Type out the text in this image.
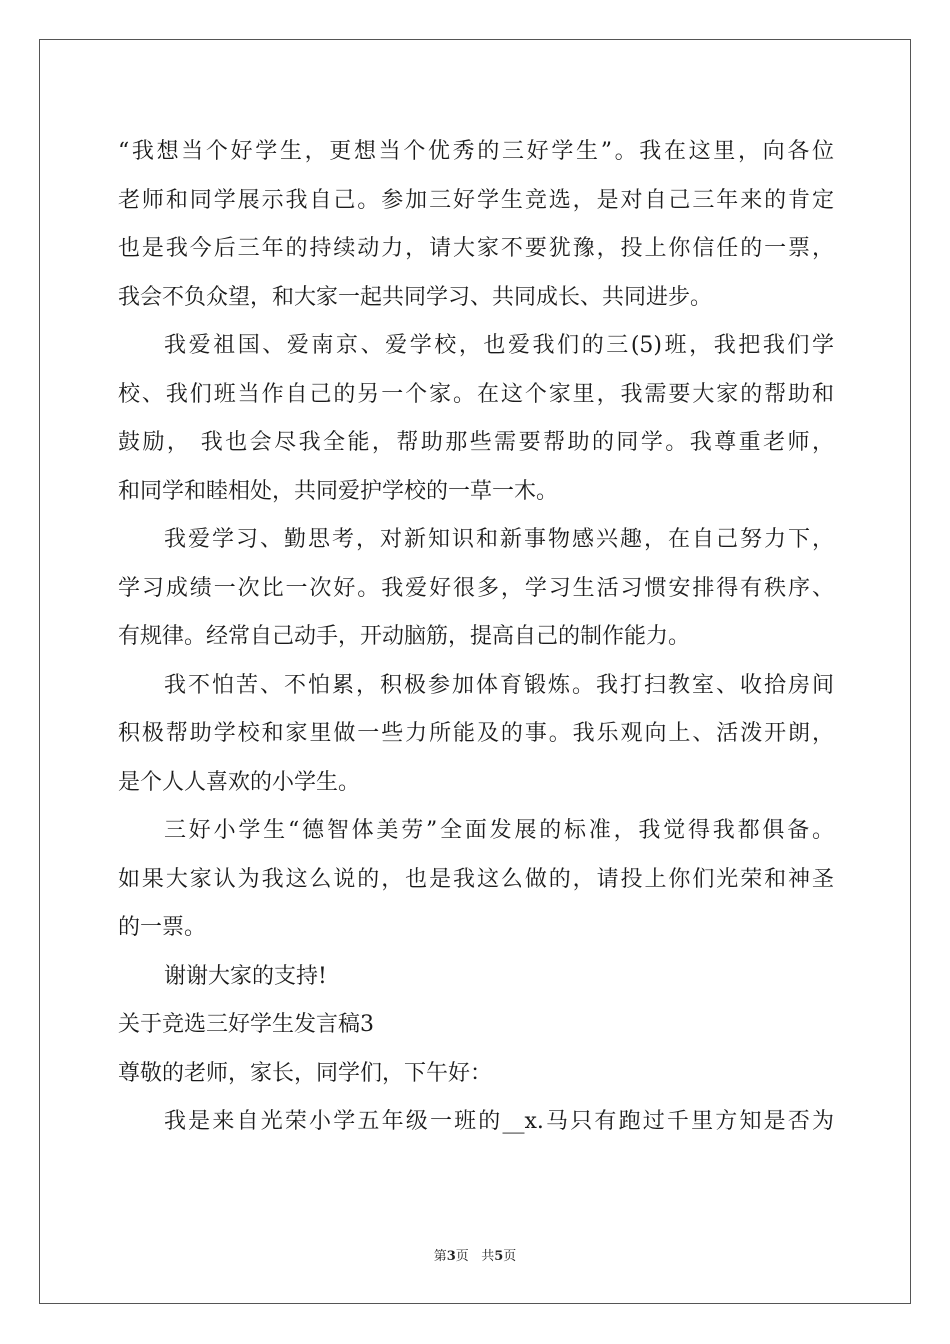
“我想当个好学生，更想当个优秀的三好学生”。我在这里，向各位
老师和同学展示我自己。参加三好学生竞选，是对自己三年来的肯定
也是我今后三年的持续动力，请大家不要犹豫，投上你信任的一票，
我会不负众望，和大家一起共同学习、共同成长、共同进步。
我爱祖国、爱南京、爱学校，也爱我们的三(5)班，我把我们学
校、我们班当作自己的另一个家。在这个家里，我需要大家的帮助和
鼓励， 我也会尽我全能，帮助那些需要帮助的同学。我尊重老师，
和同学和睦相处，共同爱护学校的一草一木。
我爱学习、勤思考，对新知识和新事物感兴趣，在自己努力下，
学习成绩一次比一次好。我爱好很多，学习生活习惯安排得有秩序、
有规律。经常自己动手，开动脑筋，提高自己的制作能力。
我不怕苦、不怕累，积极参加体育锻炼。我打扫教室、收拾房间
积极帮助学校和家里做一些力所能及的事。我乐观向上、活泼开朗，
是个人人喜欢的小学生。
三好小学生“德智体美劳”全面发展的标准，我觉得我都俱备。
如果大家认为我这么说的，也是我这么做的，请投上你们光荣和神圣
的一票。
谢谢大家的支持!
关于竞选三好学生发言稿3
尊敬的老师，家长，同学们，下午好：
我是来自光荣小学五年级一班的__x.马只有跑过千里方知是否为
第3页 共5页
